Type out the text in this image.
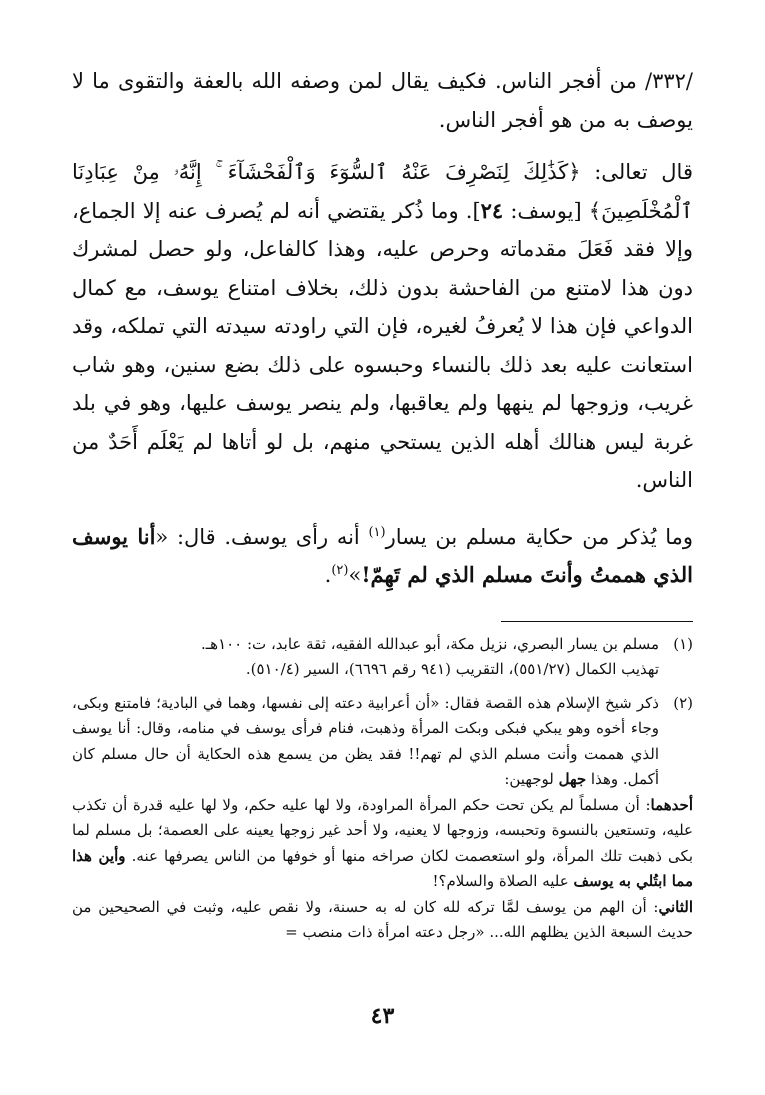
/٣٣٢/ من أفجر الناس. فكيف يقال لمن وصفه الله بالعفة والتقوى ما لا يوصف به من هو أفجر الناس.

قال تعالى: ﴿كَذَٰلِكَ لِنَصْرِفَ عَنْهُ ٱلسُّوٓءَ وَٱلْفَحْشَآءَ ۚ إِنَّهُۥ مِنْ عِبَادِنَا ٱلْمُخْلَصِينَ﴾ [يوسف: ٢٤]. وما ذُكر يقتضي أنه لم يُصرف عنه إلا الجماع، وإلا فقد فَعَلَ مقدماته وحرص عليه، وهذا كالفاعل، ولو حصل لمشرك دون هذا لامتنع من الفاحشة بدون ذلك، بخلاف امتناع يوسف، مع كمال الدواعي فإن هذا لا يُعرفُ لغيره، فإن التي راودته سيدته التي تملكه، وقد استعانت عليه بعد ذلك بالنساء وحبسوه على ذلك بضع سنين، وهو شاب غريب، وزوجها لم ينهها ولم يعاقبها، ولم ينصر يوسف عليها، وهو في بلد غربة ليس هنالك أهله الذين يستحي منهم، بل لو أتاها لم يَعْلَم أَحَدٌ من الناس.

وما يُذكر من حكاية مسلم بن يسار$^{(١)}$ أنه رأى يوسف. قال: «أنا يوسف الذي هممتُ وأنتَ مسلم الذي لم تَهِمّ!»$^{(٢)}$.

(١)

مسلم بن يسار البصري، نزيل مكة، أبو عبدالله الفقيه، ثقة عابد، ت: ١٠٠هـ.

تهذيب الكمال (٥٥١/٢٧)، التقريب (٩٤١ رقم ٦٦٩٦)، السير (٥١٠/٤).

(٢)

ذكر شيخ الإسلام هذه القصة فقال: «أن أعرابية دعته إلى نفسها، وهما في البادية؛ فامتنع وبكى، وجاء أخوه وهو يبكي فبكى وبكت المرأة وذهبت، فنام فرأى يوسف في منامه، وقال: أنا يوسف الذي هممت وأنت مسلم الذي لم تهم!! فقد يظن من يسمع هذه الحكاية أن حال مسلم كان أكمل. وهذا جهل لوجهين:

أحدهما: أن مسلماً لم يكن تحت حكم المرأة المراودة، ولا لها عليه حكم، ولا لها عليه قدرة أن تكذب عليه، وتستعين بالنسوة وتحبسه، وزوجها لا يعنيه، ولا أحد غير زوجها يعينه على العصمة؛ بل مسلم لما بكى ذهبت تلك المرأة، ولو استعصمت لكان صراخه منها أو خوفها من الناس يصرفها عنه. وأين هذا مما ابتُلي به يوسف عليه الصلاة والسلام؟!

الثاني: أن الهم من يوسف لمَّا تركه لله كان له به حسنة، ولا نقص عليه، وثبت في الصحيحين من حديث السبعة الذين يظلهم الله... «رجل دعته امرأة ذات منصب =

٤٣
